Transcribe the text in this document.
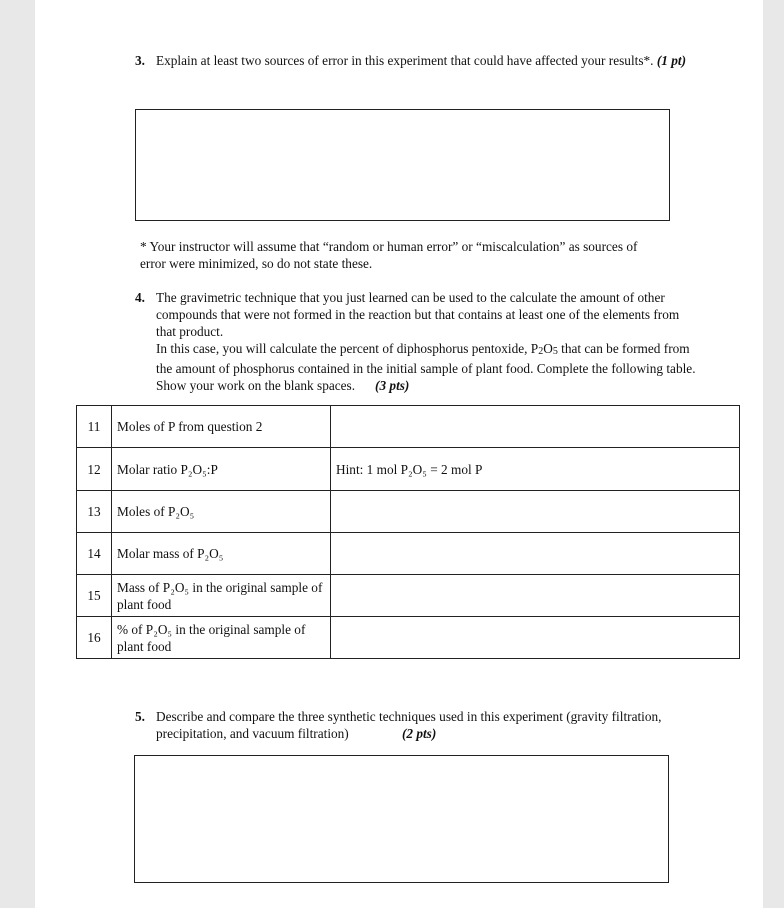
3. Explain at least two sources of error in this experiment that could have affected your results*. (1 pt)
* Your instructor will assume that “random or human error” or “miscalculation” as sources of error were minimized, so do not state these.
4. The gravimetric technique that you just learned can be used to the calculate the amount of other compounds that were not formed in the reaction but that contains at least one of the elements from that product.
In this case, you will calculate the percent of diphosphorus pentoxide, P2O5 that can be formed from the amount of phosphorus contained in the initial sample of plant food. Complete the following table. Show your work on the blank spaces. (3 pts)
11	Moles of P from question 2	
12	Molar ratio P₂O₅:P	Hint: 1 mol P₂O₅ = 2 mol P
13	Moles of P₂O₅	
14	Molar mass of P₂O₅	
15	Mass of P₂O₅ in the original sample of plant food	
16	% of P₂O₅ in the original sample of plant food	
5. Describe and compare the three synthetic techniques used in this experiment (gravity filtration, precipitation, and vacuum filtration)	(2 pts)
